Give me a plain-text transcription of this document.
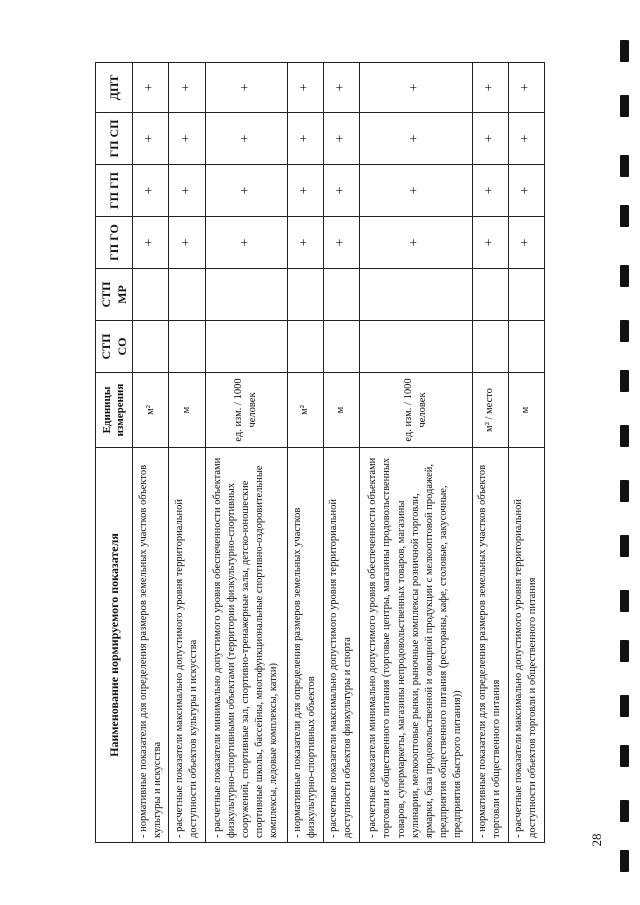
Наименование нормируемого показателя	Единицы измерения	СТП СО	СТП МР	ГП ГО	ГП ГП	ГП СП	ДПТ
- нормативные показатели для определения размеров земельных участков объектов культуры и искусства	м²			+	+	+	+
- расчетные показатели максимально допустимого уровня территориальной доступности объектов культуры и искусства	м			+	+	+	+
- расчетные показатели минимально допустимого уровня обеспеченности объектами физкультурно-спортивными объектами (территории физкультурно-спортивных сооружений, спортивные зал, спортивно-тренажерные залы, детско-юношеские спортивные школы, бассейны, многофункциональные спортивно-оздоровительные комплексы, ледовые комплексы, катки)	ед. изм. / 1000 человек			+	+	+	+
- нормативные показатели для определения размеров земельных участков физкультурно-спортивных объектов	м²			+	+	+	+
- расчетные показатели максимально допустимого уровня территориальной доступности объектов физкультуры и спорта	м			+	+	+	+
- расчетные показатели минимально допустимого уровня обеспеченности объектами торговли и общественного питания (торговые центры, магазины продовольственных товаров, супермаркеты, магазины непродовольственных товаров, магазины кулинарии, мелкооптовые рынки, рыночные комплексы розничной торговли, ярмарки, база продовольственной и овощной продукции с мелкооптовой продажей, предприятия общественного питания (рестораны, кафе, столовые, закусочные, предприятия быстрого питания))	ед. изм. / 1000 человек			+	+	+	+
- нормативные показатели для определения размеров земельных участков объектов торговли и общественного питания	м² / место			+	+	+	+
- расчетные показатели максимально допустимого уровня территориальной доступности объектов торговли и общественного питания	м			+	+	+	+
28
